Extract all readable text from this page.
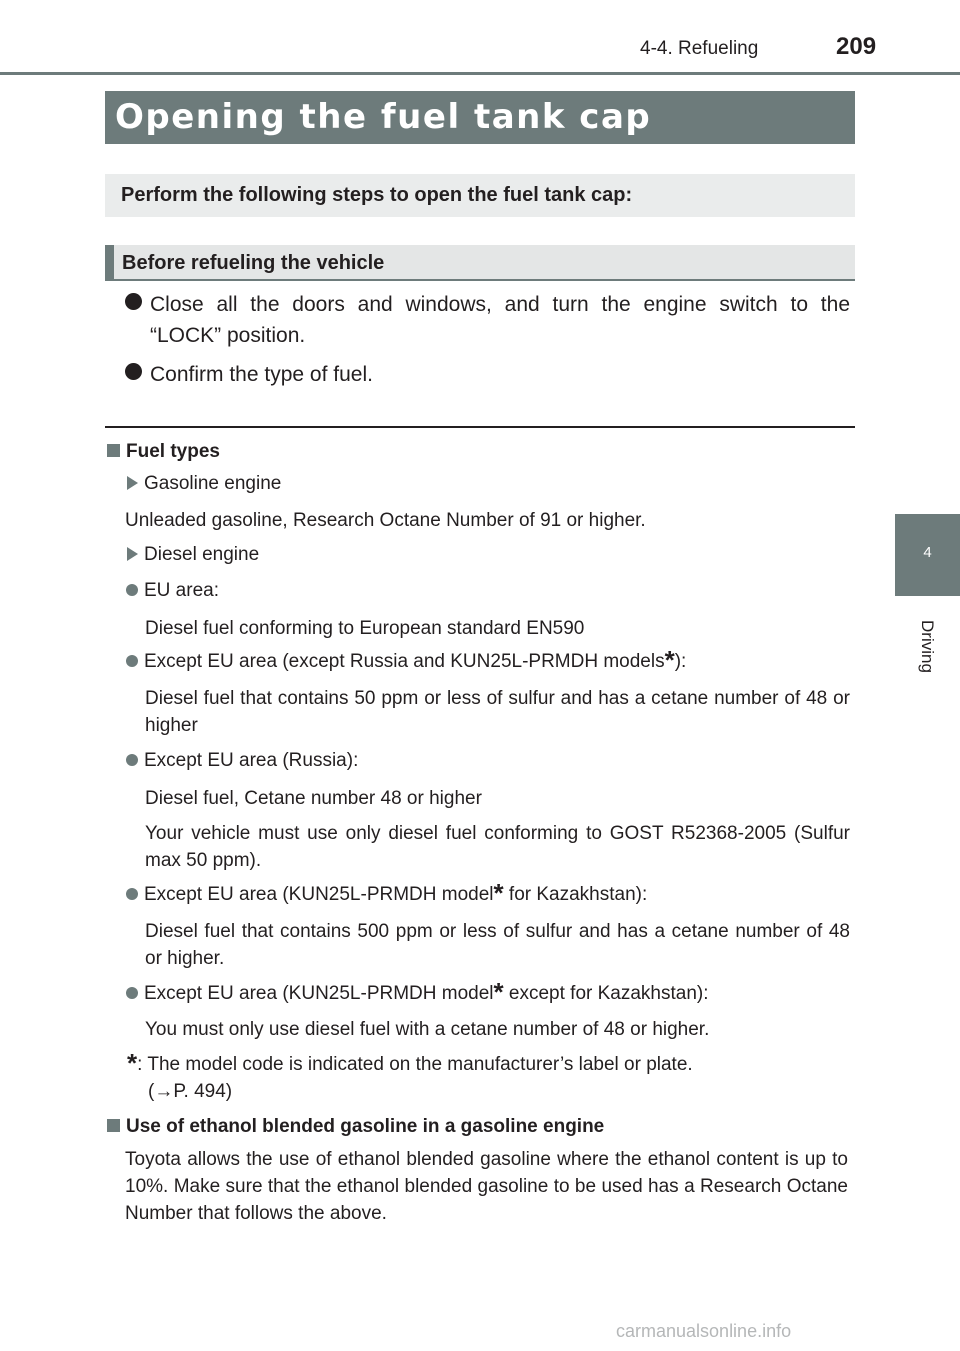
4-4. Refueling	209
4
Driving
Opening the fuel tank cap
Perform the following steps to open the fuel tank cap:
Before refueling the vehicle
Close all the doors and windows, and turn the engine switch to the
“LOCK” position.
Confirm the type of fuel.
Fuel types
Gasoline engine
Unleaded gasoline, Research Octane Number of 91 or higher.
Diesel engine
EU area:
Diesel fuel conforming to European standard EN590
Except EU area (except Russia and KUN25L-PRMDH models*):
Diesel fuel that contains 50 ppm or less of sulfur and has a cetane number of 48 or higher
Except EU area (Russia):
Diesel fuel, Cetane number 48 or higher
Your vehicle must use only diesel fuel conforming to GOST R52368-2005 (Sulfur max 50 ppm).
Except EU area (KUN25L-PRMDH model* for Kazakhstan):
Diesel fuel that contains 500 ppm or less of sulfur and has a cetane number of 48 or higher.
Except EU area (KUN25L-PRMDH model* except for Kazakhstan):
You must only use diesel fuel with a cetane number of 48 or higher.
*: The model code is indicated on the manufacturer’s label or plate.
(→P. 494)
Use of ethanol blended gasoline in a gasoline engine
Toyota allows the use of ethanol blended gasoline where the ethanol content is up to 10%. Make sure that the ethanol blended gasoline to be used has a Research Octane Number that follows the above.
carmanualsonline.info
